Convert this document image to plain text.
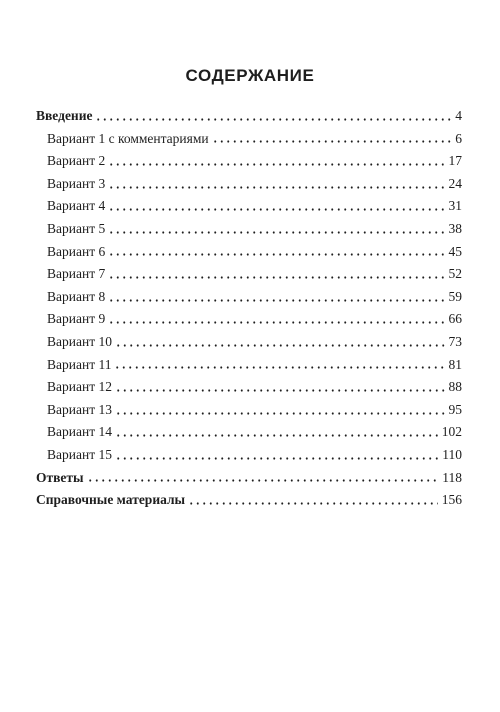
СОДЕРЖАНИЕ
Введение	4
Вариант 1 с комментариями	6
Вариант 2	17
Вариант 3	24
Вариант 4	31
Вариант 5	38
Вариант 6	45
Вариант 7	52
Вариант 8	59
Вариант 9	66
Вариант 10	73
Вариант 11	81
Вариант 12	88
Вариант 13	95
Вариант 14	102
Вариант 15	110
Ответы	118
Справочные материалы	156
